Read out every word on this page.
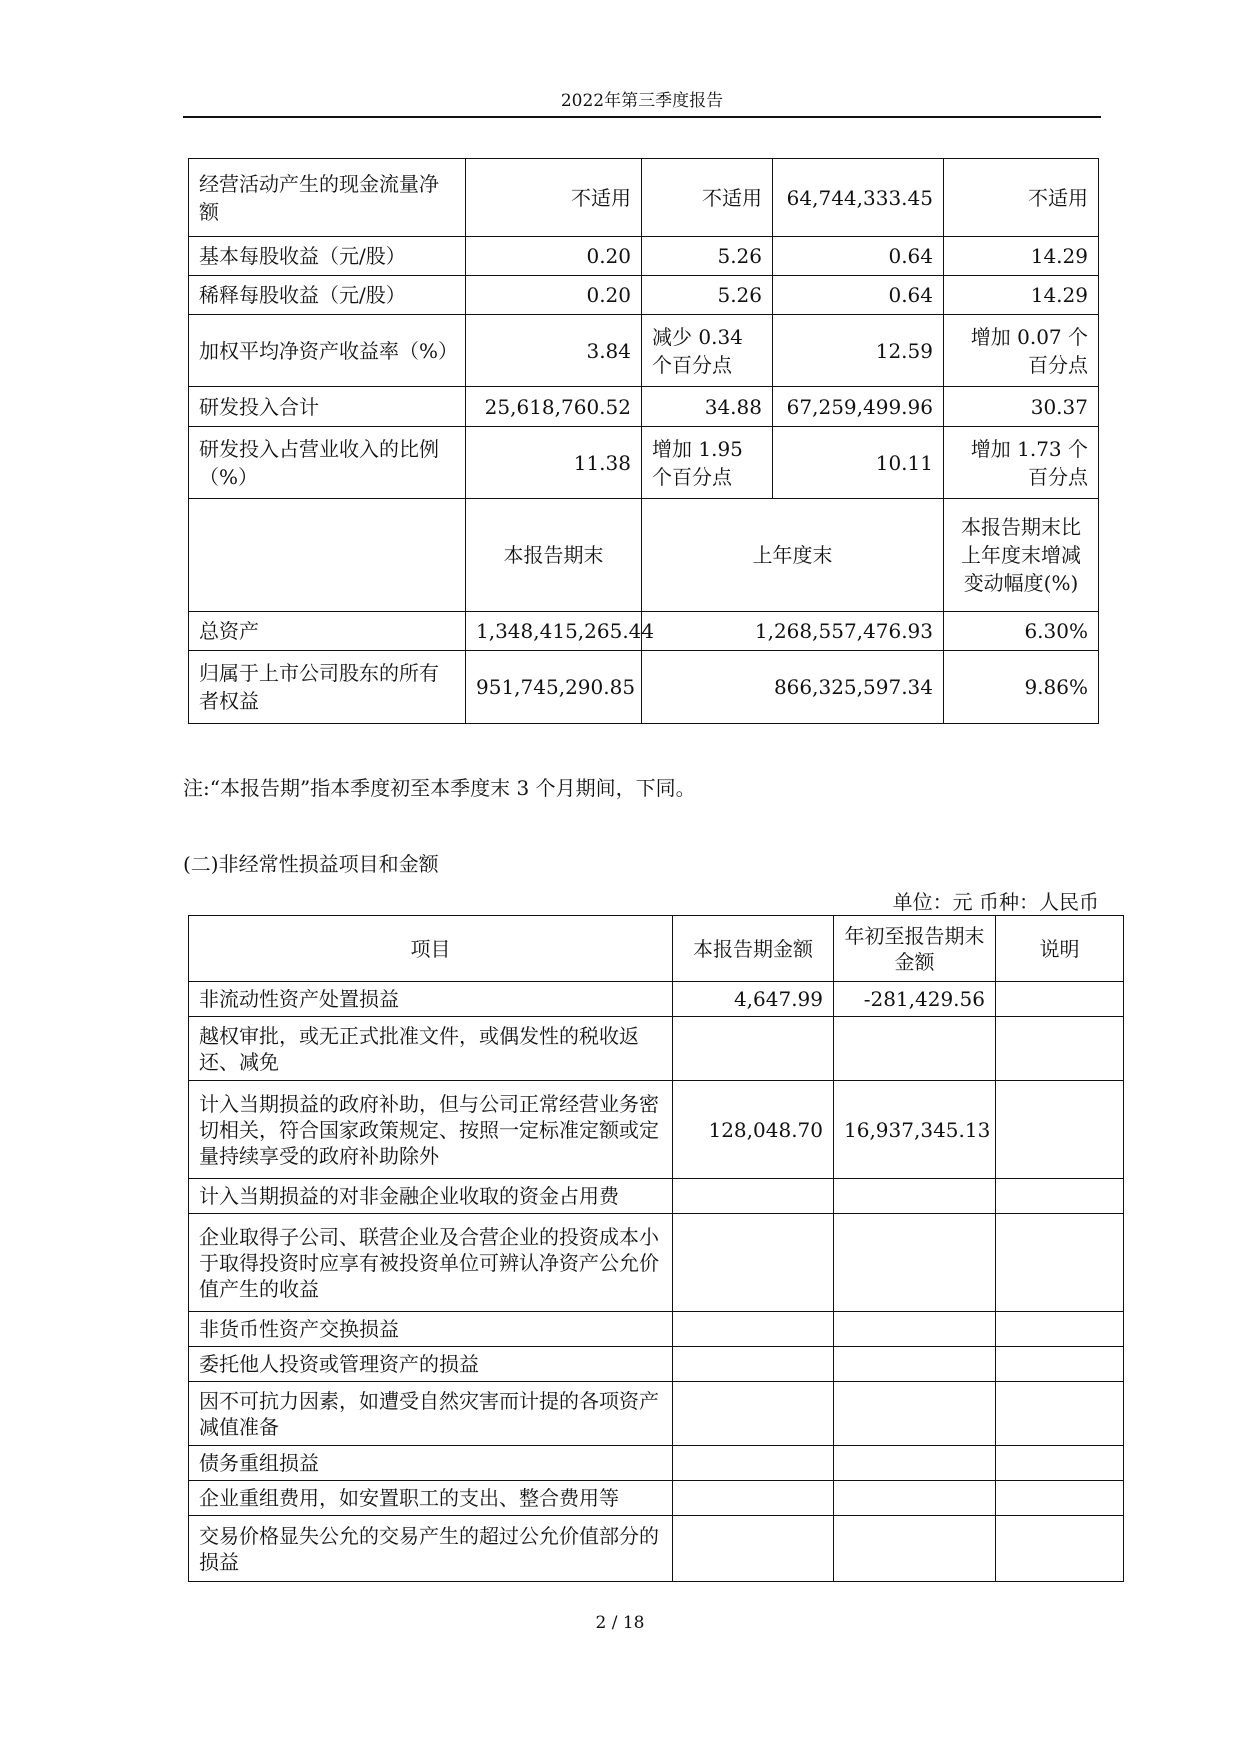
2022年第三季度报告
经营活动产生的现金流量净额	不适用	不适用	64,744,333.45	不适用
基本每股收益（元/股）	0.20	5.26	0.64	14.29
稀释每股收益（元/股）	0.20	5.26	0.64	14.29
加权平均净资产收益率（%）	3.84	减少 0.34 个百分点	12.59	增加 0.07 个百分点
研发投入合计	25,618,760.52	34.88	67,259,499.96	30.37
研发投入占营业收入的比例（%）	11.38	增加 1.95 个百分点	10.11	增加 1.73 个百分点
	本报告期末	上年度末		本报告期末比上年度末增减变动幅度(%)
总资产	1,348,415,265.44	1,268,557,476.93		6.30%
归属于上市公司股东的所有者权益	951,745,290.85	866,325,597.34		9.86%
注:“本报告期”指本季度初至本季度末 3 个月期间，下同。
(二)非经常性损益项目和金额
单位：元 币种：人民币
项目	本报告期金额	年初至报告期末金额	说明
非流动性资产处置损益	4,647.99	-281,429.56	
越权审批，或无正式批准文件，或偶发性的税收返还、减免			
计入当期损益的政府补助，但与公司正常经营业务密切相关，符合国家政策规定、按照一定标准定额或定量持续享受的政府补助除外	128,048.70	16,937,345.13	
计入当期损益的对非金融企业收取的资金占用费			
企业取得子公司、联营企业及合营企业的投资成本小于取得投资时应享有被投资单位可辨认净资产公允价值产生的收益			
非货币性资产交换损益			
委托他人投资或管理资产的损益			
因不可抗力因素，如遭受自然灾害而计提的各项资产减值准备			
债务重组损益			
企业重组费用，如安置职工的支出、整合费用等			
交易价格显失公允的交易产生的超过公允价值部分的损益			
2 / 18
